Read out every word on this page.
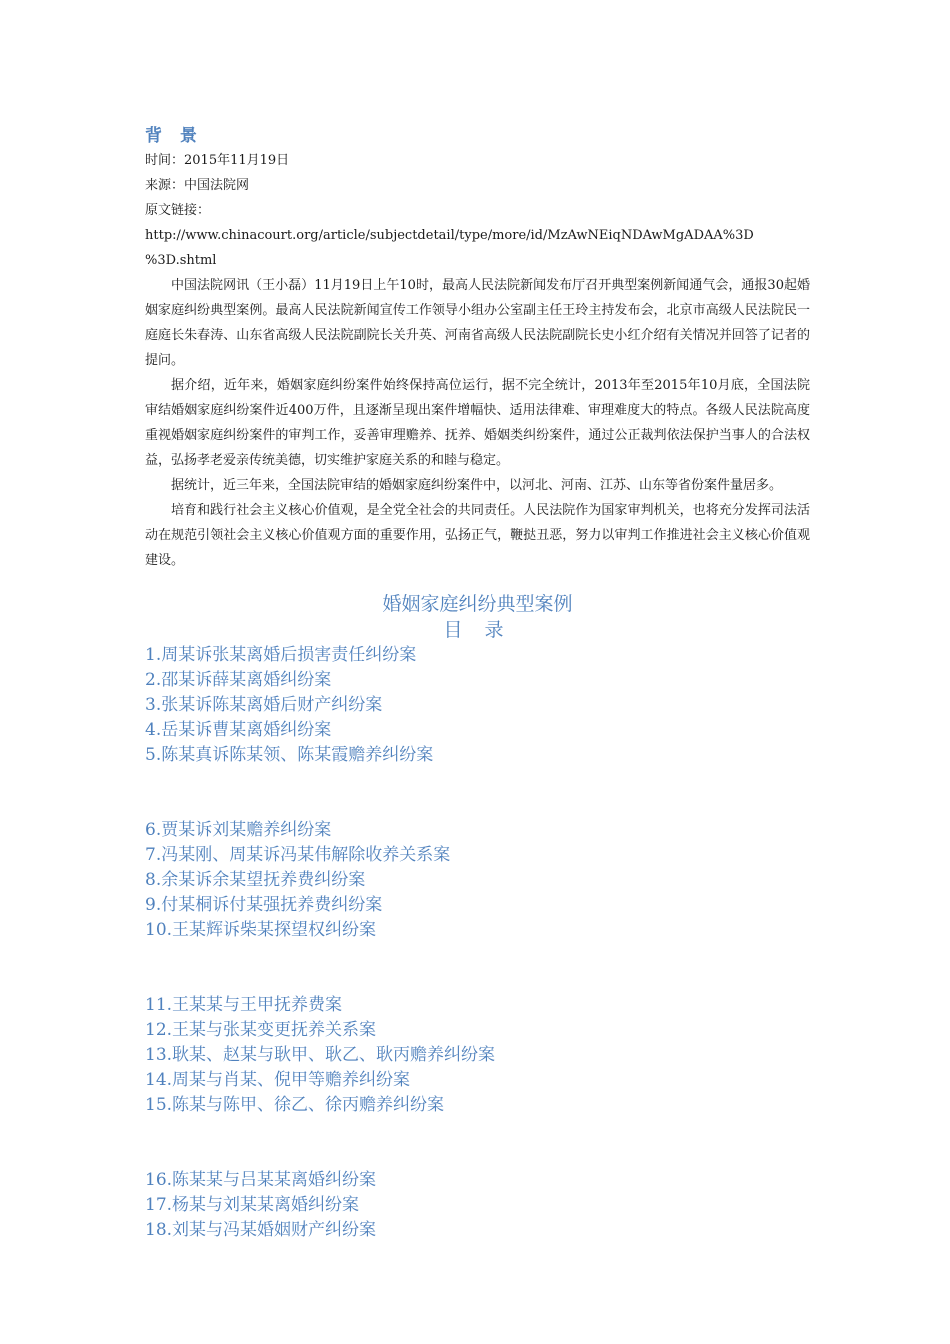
背 景
时间：2015年11月19日
来源：中国法院网
原文链接：http://www.chinacourt.org/article/subjectdetail/type/more/id/MzAwNEiqNDAwMgADAA%3D
%3D.shtml
中国法院网讯（王小磊）11月19日上午10时，最高人民法院新闻发布厅召开典型案例新闻通气会，通报30起婚姻家庭纠纷典型案例。最高人民法院新闻宣传工作领导小组办公室副主任王玲主持发布会，北京市高级人民法院民一庭庭长朱春涛、山东省高级人民法院副院长关升英、河南省高级人民法院副院长史小红介绍有关情况并回答了记者的提问。
据介绍，近年来，婚姻家庭纠纷案件始终保持高位运行，据不完全统计，2013年至2015年10月底，全国法院审结婚姻家庭纠纷案件近400万件，且逐渐呈现出案件增幅快、适用法律难、审理难度大的特点。各级人民法院高度重视婚姻家庭纠纷案件的审判工作，妥善审理赡养、抚养、婚姻类纠纷案件，通过公正裁判依法保护当事人的合法权益，弘扬孝老爱亲传统美德，切实维护家庭关系的和睦与稳定。
据统计，近三年来，全国法院审结的婚姻家庭纠纷案件中，以河北、河南、江苏、山东等省份案件量居多。
培育和践行社会主义核心价值观，是全党全社会的共同责任。人民法院作为国家审判机关，也将充分发挥司法活动在规范引领社会主义核心价值观方面的重要作用，弘扬正气，鞭挞丑恶，努力以审判工作推进社会主义核心价值观建设。
婚姻家庭纠纷典型案例
目 录
1.周某诉张某离婚后损害责任纠纷案
2.邵某诉薛某离婚纠纷案
3.张某诉陈某离婚后财产纠纷案
4.岳某诉曹某离婚纠纷案
5.陈某真诉陈某领、陈某霞赡养纠纷案
6.贾某诉刘某赡养纠纷案
7.冯某刚、周某诉冯某伟解除收养关系案
8.余某诉余某望抚养费纠纷案
9.付某桐诉付某强抚养费纠纷案
10.王某辉诉柴某探望权纠纷案
11.王某某与王甲抚养费案
12.王某与张某变更抚养关系案
13.耿某、赵某与耿甲、耿乙、耿丙赡养纠纷案
14.周某与肖某、倪甲等赡养纠纷案
15.陈某与陈甲、徐乙、徐丙赡养纠纷案
16.陈某某与吕某某离婚纠纷案
17.杨某与刘某某离婚纠纷案
18.刘某与冯某婚姻财产纠纷案
